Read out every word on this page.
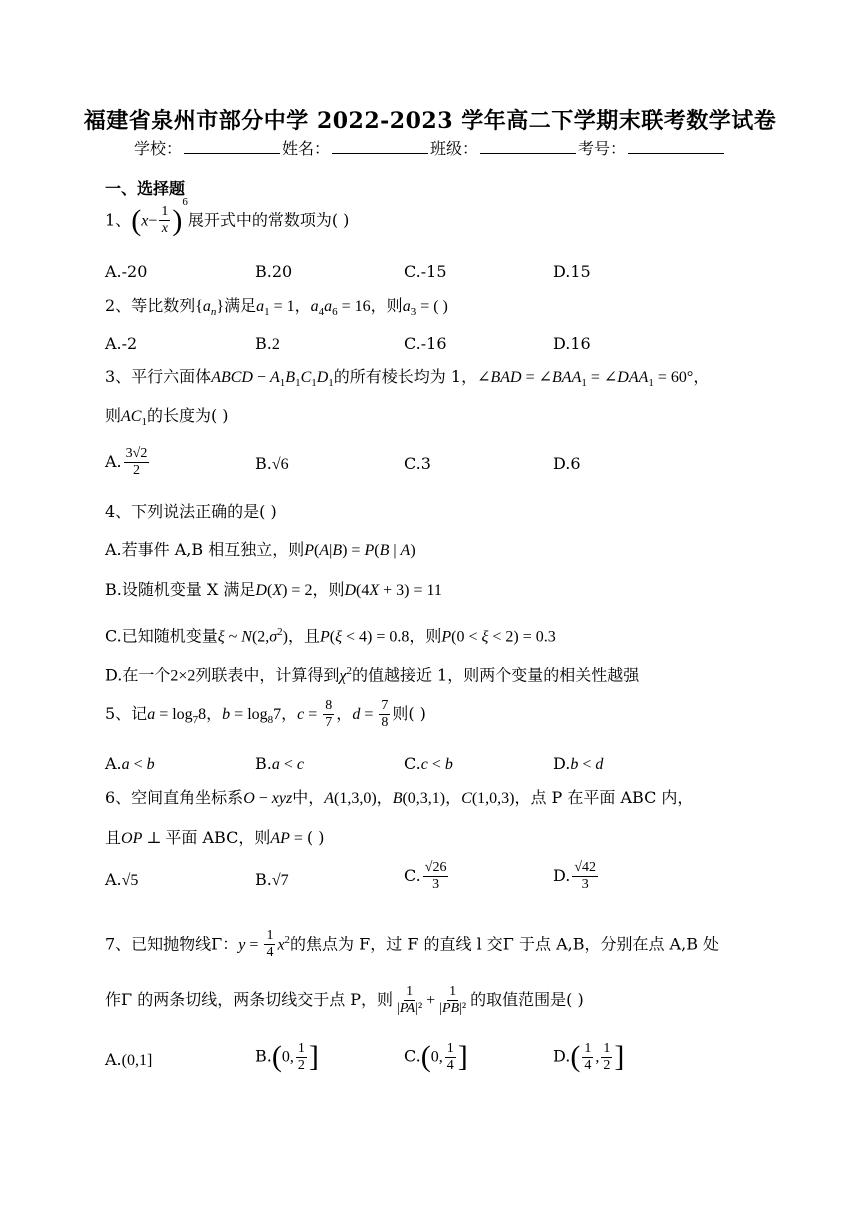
福建省泉州市部分中学 2022-2023 学年高二下学期末联考数学试卷
学校：	姓名：	班级：	考号：
一、选择题
1、$(x- \frac{1}{x} )^6$展开式中的常数项为( )
A.-20	B.20	C.-15	D.15
2、等比数列$\{a_n\}$满足$a_1 = 1$，$a_4a_6 = 16$，则$a_3$ = ( )
A.-2	B.2	C.-16	D.16
3、平行六面体ABCD − $A_1B_1C_1D_1$的所有棱长均为 1，∠BAD = $\angle BAA_1$ = $\angle DAA_1 = 60^\circ$，
则$AC_1$的长度为( )
A. $\frac{3√2}{2}$	B.√6	C.3	D.6
4、下列说法正确的是( )
A.若事件 A,B 相互独立，则P(A|B) = P(B | A)
B.设随机变量 X 满足D(X) = 2，则D(4X + 3) = 11
C.已知随机变量ξ ~ $N(2,\sigma^2)$，且P(ξ < 4) = 0.8，则P(0 < ξ < 2) = 0.3
D.在一个2×2列联表中，计算得到$\chi^2$的值越接近 1，则两个变量的相关性越强
5、记$a = \log_78$，$b = \log_87$，$c = \frac{8}{7}$ ，$d = \frac{7}{8}$ 则( )
A.a < b	B.a < c	C.c < b	D.b < d
6、空间直角坐标系O − xyz中，A(1,3,0)，B(0,3,1)，C(1,0,3)，点 P 在平面 ABC 内，
且OP ⊥ 平面 ABC，则AP = ( )
A.√5	B.√7	C. $\frac{√26}{3}$	D. $\frac{√42}{3}$
7、已知抛物线Γ：$y = \frac{1}{4} x^2$的焦点为 F，过 F 的直线 l 交Γ 于点 A,B，分别在点 A,B 处
作Γ 的两条切线，两条切线交于点 P，则 $\frac{1}{\text{|PA|²}} + \frac{1}{\text{|PB|²}}$ 的取值范围是( )
A.(0,1]	B.(0, $\frac{1}{2}$ ]	C.(0, $\frac{1}{4}$ ]	$D.( \frac{1}{4}$ , $\frac{1}{2}$ ]
